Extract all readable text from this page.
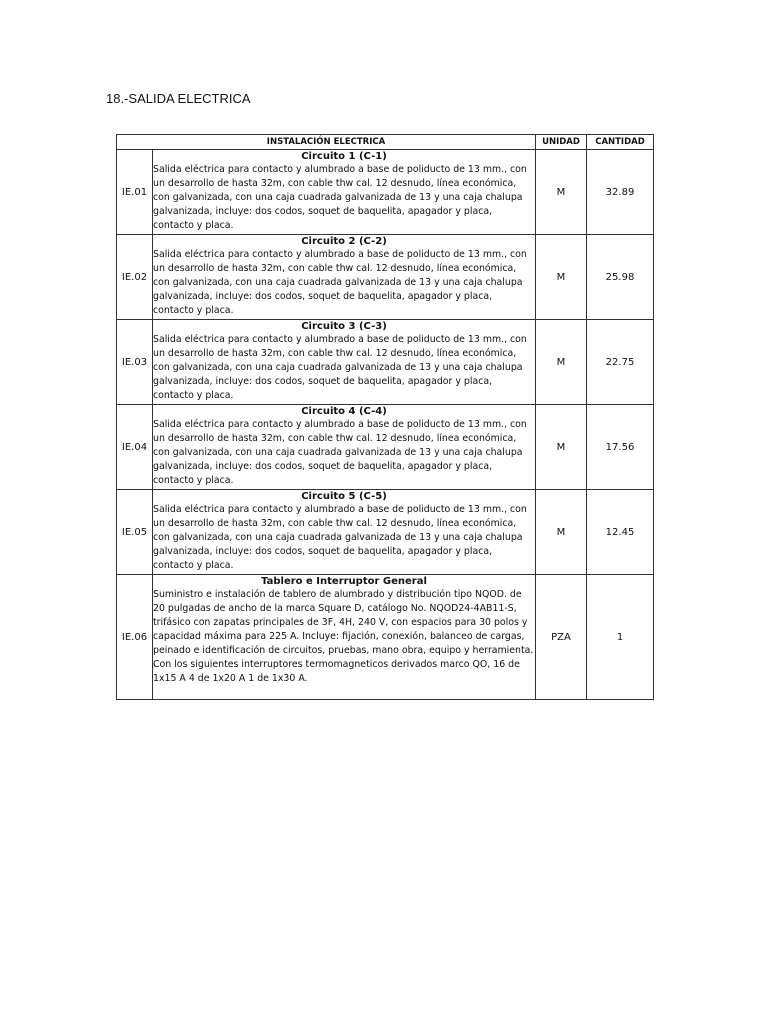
18.-SALIDA ELECTRICA
INSTALACIÓN ELECTRICA		UNIDAD	CANTIDAD
IE.01	Circuito 1 (C-1)
Salida eléctrica para contacto y alumbrado a base de poliducto de 13 mm., con un desarrollo de hasta 32m, con cable thw cal. 12 desnudo, línea económica, con galvanizada, con una caja cuadrada galvanizada de 13 y una caja chalupa galvanizada, incluye: dos codos, soquet de baquelita, apagador y placa, contacto y placa.	M	32.89
IE.02	Circuito 2 (C-2)
Salida eléctrica para contacto y alumbrado a base de poliducto de 13 mm., con un desarrollo de hasta 32m, con cable thw cal. 12 desnudo, línea económica, con galvanizada, con una caja cuadrada galvanizada de 13 y una caja chalupa galvanizada, incluye: dos codos, soquet de baquelita, apagador y placa, contacto y placa.	M	25.98
IE.03	Circuito 3 (C-3)
Salida eléctrica para contacto y alumbrado a base de poliducto de 13 mm., con un desarrollo de hasta 32m, con cable thw cal. 12 desnudo, línea económica, con galvanizada, con una caja cuadrada galvanizada de 13 y una caja chalupa galvanizada, incluye: dos codos, soquet de baquelita, apagador y placa, contacto y placa.	M	22.75
IE.04	Circuito 4 (C-4)
Salida eléctrica para contacto y alumbrado a base de poliducto de 13 mm., con un desarrollo de hasta 32m, con cable thw cal. 12 desnudo, línea económica, con galvanizada, con una caja cuadrada galvanizada de 13 y una caja chalupa galvanizada, incluye: dos codos, soquet de baquelita, apagador y placa, contacto y placa.	M	17.56
IE.05	Circuito 5 (C-5)
Salida eléctrica para contacto y alumbrado a base de poliducto de 13 mm., con un desarrollo de hasta 32m, con cable thw cal. 12 desnudo, línea económica, con galvanizada, con una caja cuadrada galvanizada de 13 y una caja chalupa galvanizada, incluye: dos codos, soquet de baquelita, apagador y placa, contacto y placa.	M	12.45
IE.06	Tablero e Interruptor General
Suministro e instalación de tablero de alumbrado y distribución tipo NQOD. de 20 pulgadas de ancho de la marca Square D, catálogo No. NQOD24-4AB11-S, trifásico con zapatas principales de 3F, 4H, 240 V, con espacios para 30 polos y capacidad máxima para 225 A. Incluye: fijación, conexión, balanceo de cargas, peinado e identificación de circuitos, pruebas, mano obra, equipo y herramienta. Con los siguientes interruptores termomagneticos derivados marco QO, 16 de 1x15 A 4 de 1x20 A 1 de 1x30 A.	PZA	1
